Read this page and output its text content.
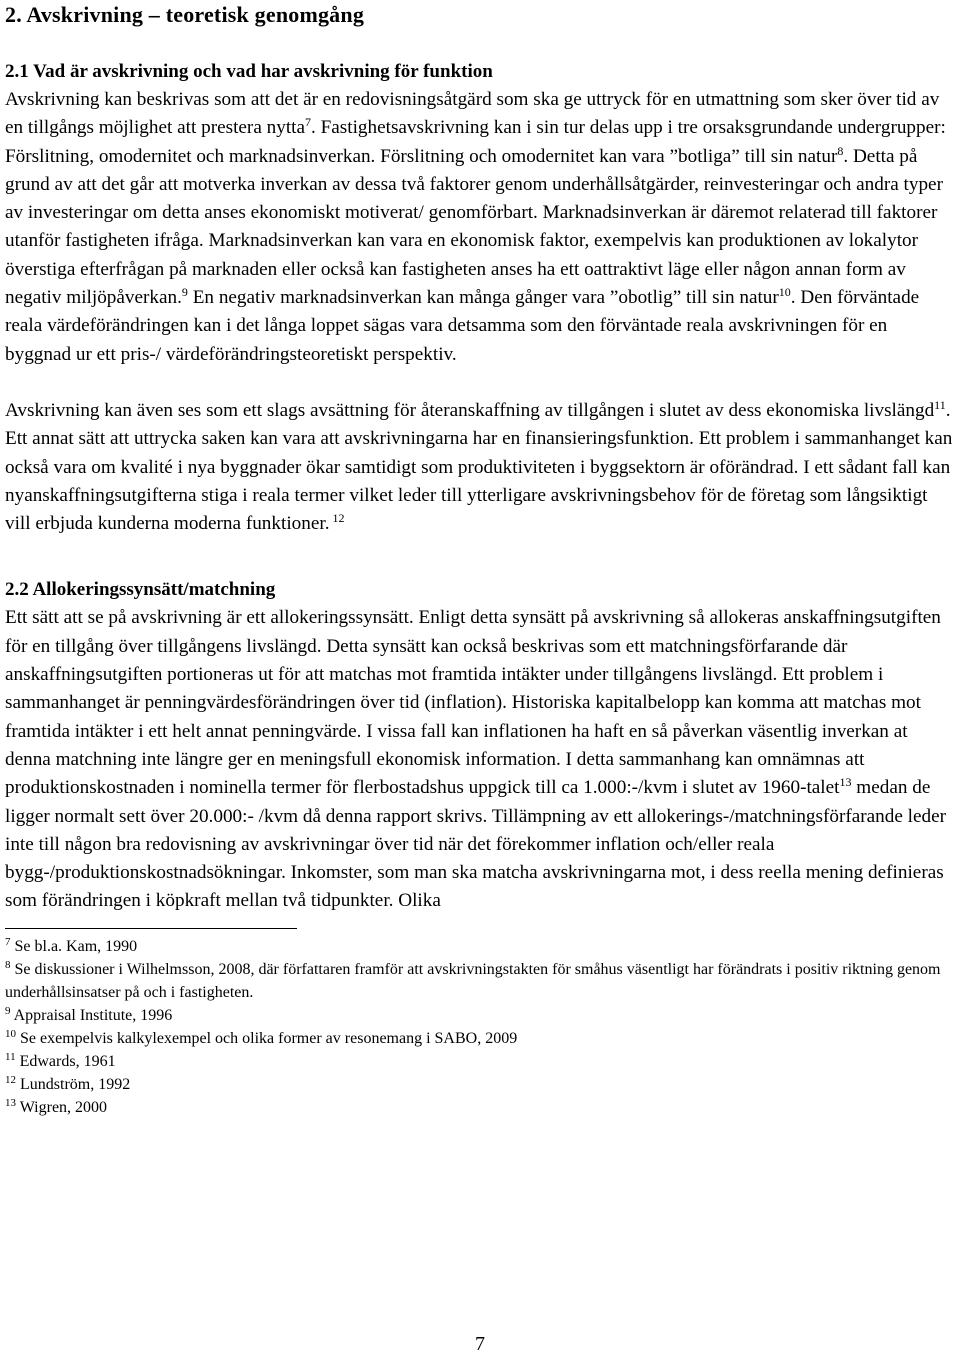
2. Avskrivning – teoretisk genomgång
2.1 Vad är avskrivning och vad har avskrivning för funktion

Avskrivning kan beskrivas som att det är en redovisningsåtgärd som ska ge uttryck för en utmattning som sker över tid av en tillgångs möjlighet att prestera nytta$^7$. Fastighetsavskrivning kan i sin tur delas upp i tre orsaksgrundande undergrupper: Förslitning, omodernitet och marknadsinverkan. Förslitning och omodernitet kan vara ”botliga” till sin natur$^8$. Detta på grund av att det går att motverka inverkan av dessa två faktorer genom underhållsåtgärder, reinvesteringar och andra typer av investeringar om detta anses ekonomiskt motiverat/ genomförbart. Marknadsinverkan är däremot relaterad till faktorer utanför fastigheten ifråga. Marknadsinverkan kan vara en ekonomisk faktor, exempelvis kan produktionen av lokalytor överstiga efterfrågan på marknaden eller också kan fastigheten anses ha ett oattraktivt läge eller någon annan form av negativ miljöpåverkan.$^9$ En negativ marknadsinverkan kan många gånger vara ”obotlig” till sin natur$^{10}$. Den förväntade reala värdeförändringen kan i det långa loppet sägas vara detsamma som den förväntade reala avskrivningen för en byggnad ur ett pris-/ värdeförändringsteoretiskt perspektiv.

Avskrivning kan även ses som ett slags avsättning för återanskaffning av tillgången i slutet av dess ekonomiska livslängd$^{11}$. Ett annat sätt att uttrycka saken kan vara att avskrivningarna har en finansieringsfunktion. Ett problem i sammanhanget kan också vara om kvalité i nya byggnader ökar samtidigt som produktiviteten i byggsektorn är oförändrad. I ett sådant fall kan nyanskaffningsutgifterna stiga i reala termer vilket leder till ytterligare avskrivningsbehov för de företag som långsiktigt vill erbjuda kunderna moderna funktioner. $^{12}$

2.2 Allokeringssynsätt/matchning

Ett sätt att se på avskrivning är ett allokeringssynsätt. Enligt detta synsätt på avskrivning så allokeras anskaffningsutgiften för en tillgång över tillgångens livslängd. Detta synsätt kan också beskrivas som ett matchningsförfarande där anskaffningsutgiften portioneras ut för att matchas mot framtida intäkter under tillgångens livslängd. Ett problem i sammanhanget är penningvärdesförändringen över tid (inflation). Historiska kapitalbelopp kan komma att matchas mot framtida intäkter i ett helt annat penningvärde. I vissa fall kan inflationen ha haft en så påverkan väsentlig inverkan at denna matchning inte längre ger en meningsfull ekonomisk information. I detta sammanhang kan omnämnas att produktionskostnaden i nominella termer för flerbostadshus uppgick till ca 1.000:-/kvm i slutet av 1960-talet$^{13}$ medan de ligger normalt sett över 20.000:- /kvm då denna rapport skrivs. Tillämpning av ett allokerings-/matchningsförfarande leder inte till någon bra redovisning av avskrivningar över tid när det förekommer inflation och/eller reala bygg-/produktionskostnadsökningar. Inkomster, som man ska matcha avskrivningarna mot, i dess reella mening definieras som förändringen i köpkraft mellan två tidpunkter. Olika

$^7$ Se bl.a. Kam, 1990
$^8$ Se diskussioner i Wilhelmsson, 2008, där författaren framför att avskrivningstakten för småhus väsentligt har förändrats i positiv riktning genom underhållsinsatser på och i fastigheten.
$^9$ Appraisal Institute, 1996
$^{10}$ Se exempelvis kalkylexempel och olika former av resonemang i SABO, 2009
$^{11}$ Edwards, 1961
$^{12}$ Lundström, 1992
$^{13}$ Wigren, 2000
7
